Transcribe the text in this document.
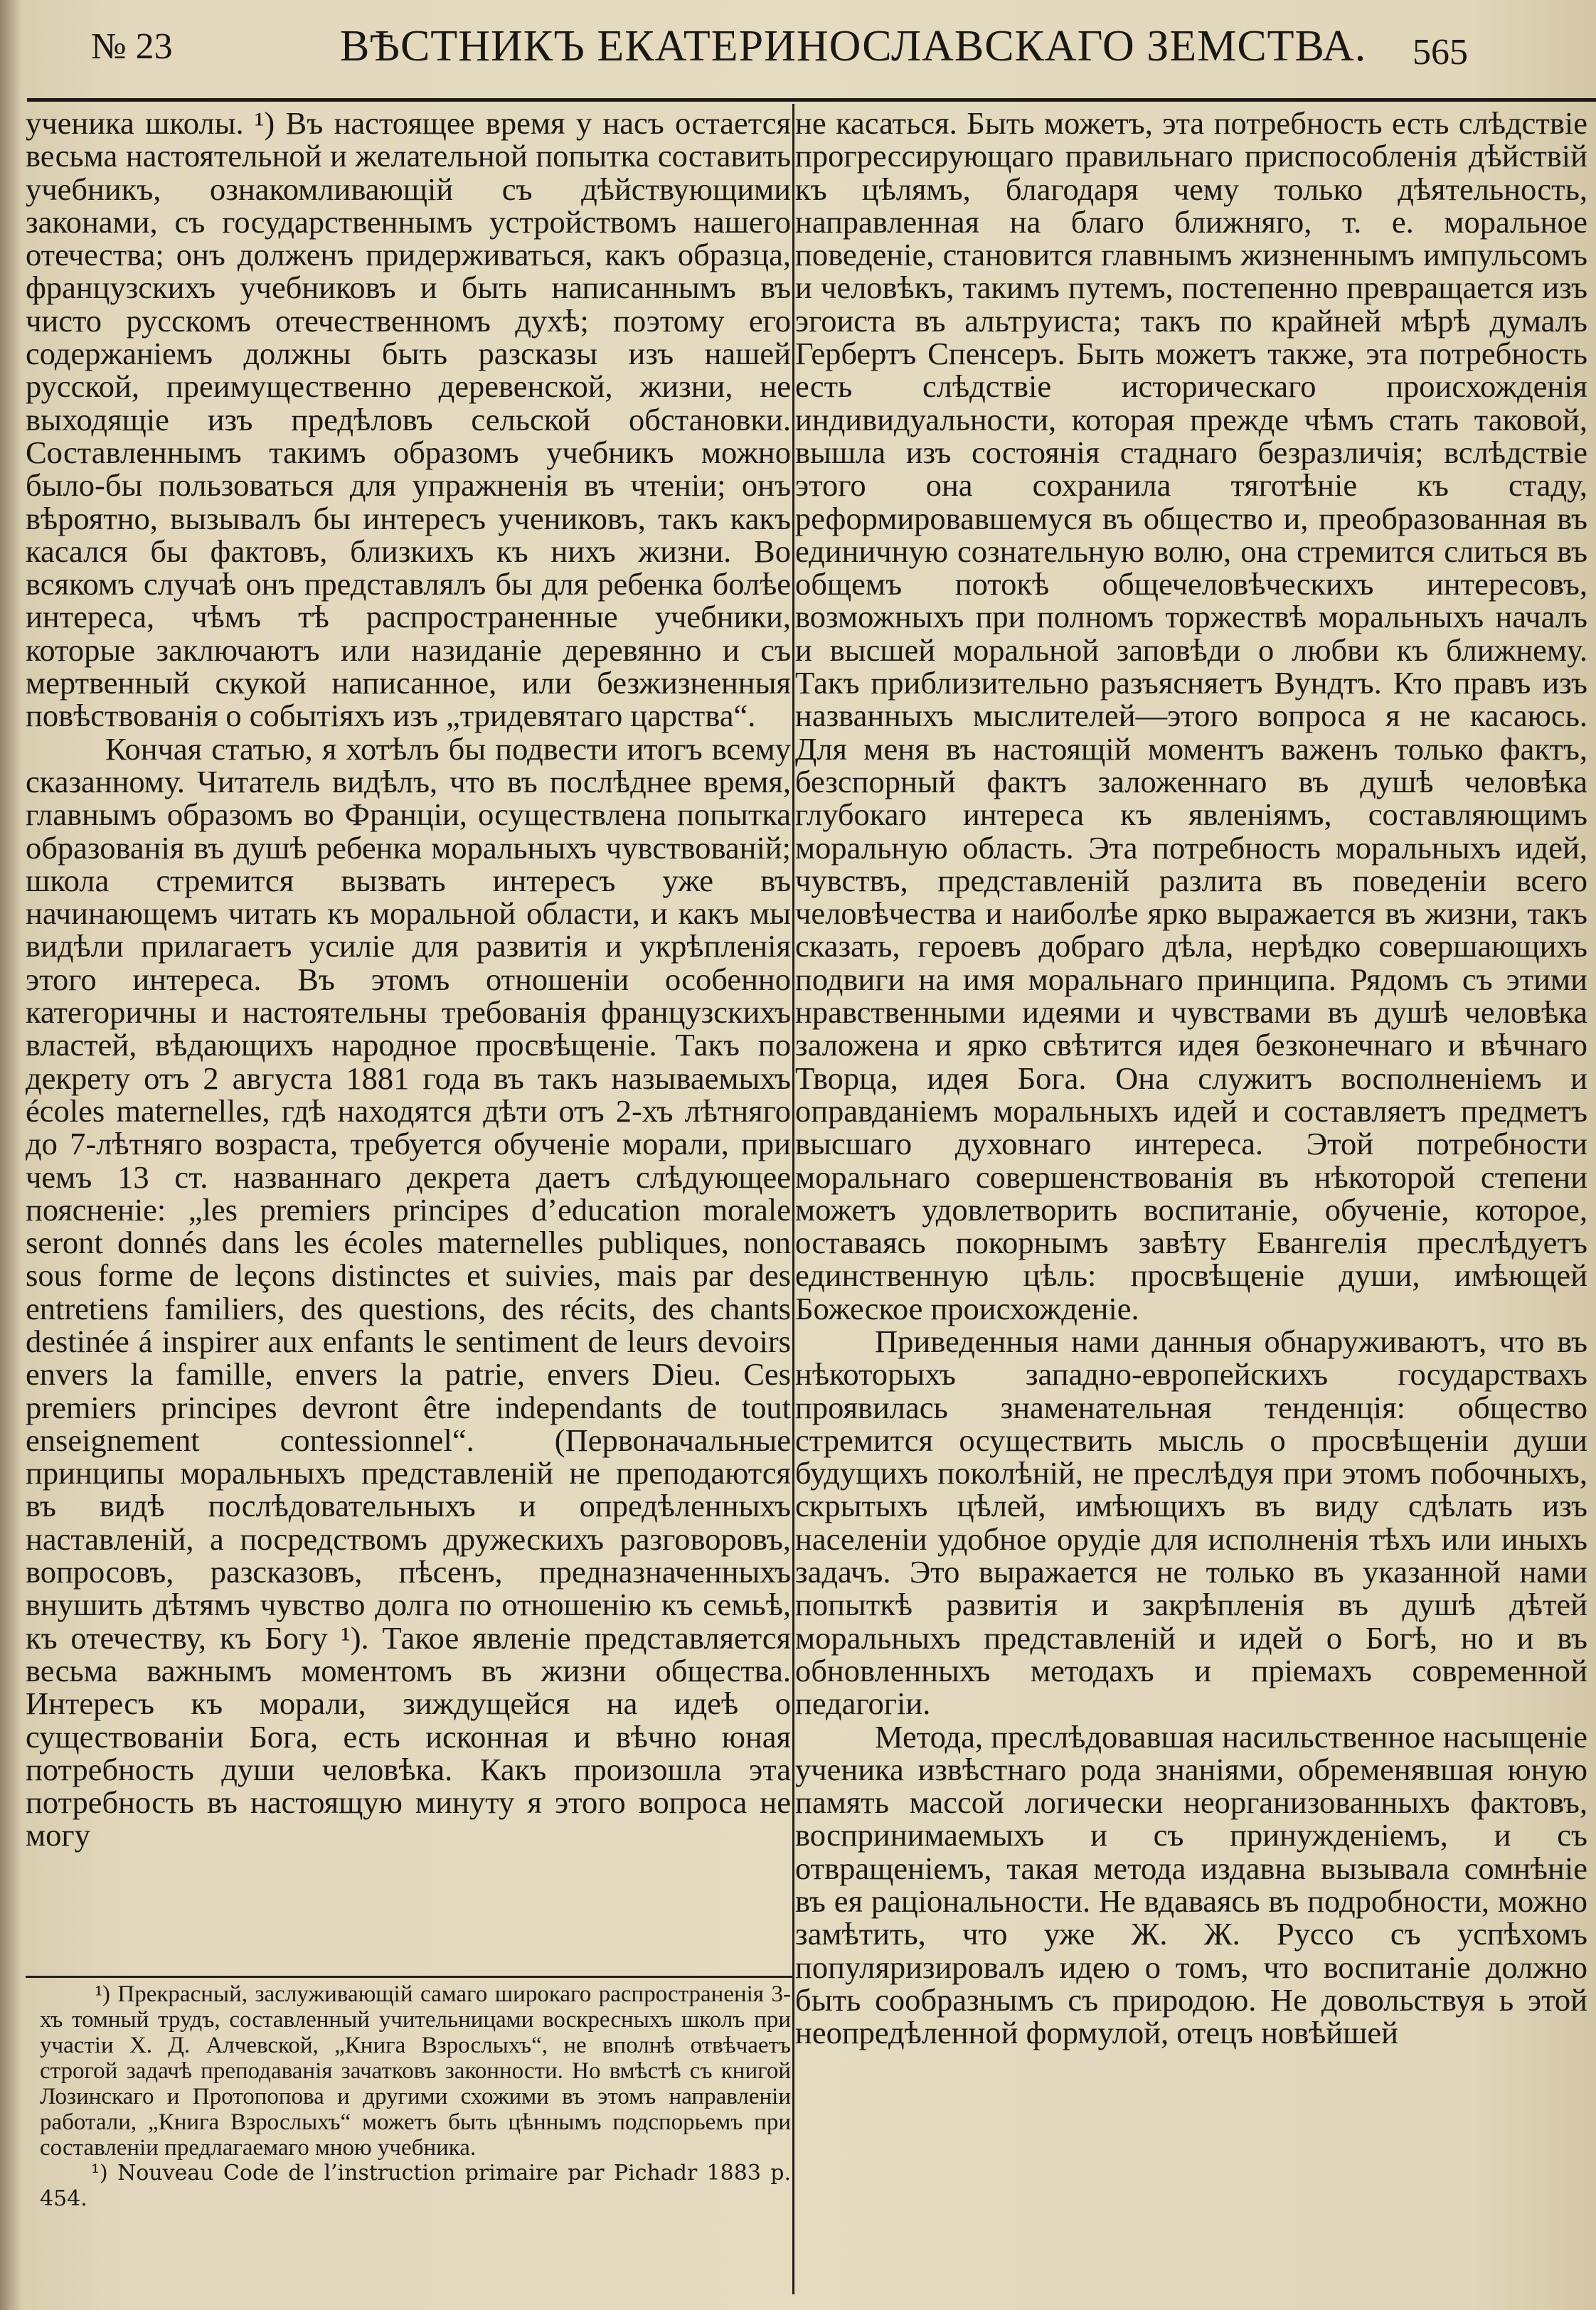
№ 23	ВѢСТНИКЪ ЕКАТЕРИНОСЛАВСКАГО ЗЕМСТВА. 565

ученика школы. ¹) Въ настоящее время у насъ остается весьма настоятельной и желательной попытка составить учебникъ, ознакомливающій съ дѣйствующими законами, съ государственнымъ устройствомъ нашего отечества; онъ долженъ придерживаться, какъ образца, французскихъ учебниковъ и быть написаннымъ въ чисто русскомъ отечественномъ духѣ; поэтому его содержаніемъ должны быть разсказы изъ нашей русской, преимущественно деревенской, жизни, не выходящіе изъ предѣловъ сельской обстановки. Составленнымъ такимъ образомъ учебникъ можно было-бы пользоваться для упражненія въ чтеніи; онъ вѣроятно, вызывалъ бы интересъ учениковъ, такъ какъ касался бы фактовъ, близкихъ къ нихъ жизни. Во всякомъ случаѣ онъ представлялъ бы для ребенка болѣе интереса, чѣмъ тѣ распространенные учебники, которые заключаютъ или назиданіе деревянно и съ мертвенный скукой написанное, или безжизненныя повѣствованія о событіяхъ изъ „тридевятаго царства“.

Кончая статью, я хотѣлъ бы подвести итогъ всему сказанному. Читатель видѣлъ, что въ послѣднее время, главнымъ образомъ во Франціи, осуществлена попытка образованія въ душѣ ребенка моральныхъ чувствованій; школа стремится вызвать интересъ уже въ начинающемъ читать къ моральной области, и какъ мы видѣли прилагаетъ усиліе для развитія и укрѣпленія этого интереса. Въ этомъ отношеніи особенно категоричны и настоятельны требованія французскихъ властей, вѣдающихъ народное просвѣщеніе. Такъ по декрету отъ 2 августа 1881 года въ такъ называемыхъ écoles maternelles, гдѣ находятся дѣти отъ 2-хъ лѣтняго до 7-лѣтняго возраста, требуется обученіе морали, при чемъ 13 ст. названнаго декрета даетъ слѣдующее поясненіе: „les premiers principes d’education morale seront donnés dans les écoles maternelles publiques, non sous forme de leçons distinctes et suivies, mais par des entretiens familiers, des questions, des récits, des chants destinée á inspirer aux enfants le sentiment de leurs devoirs envers la famille, envers la patrie, envers Dieu. Ces premiers principes devront être independants de tout enseignement contessionnel“. (Первоначальные принципы моральныхъ представленій не преподаются въ видѣ послѣдовательныхъ и опредѣленныхъ наставленій, а посредствомъ дружескихъ разговоровъ, вопросовъ, разсказовъ, пѣсенъ, предназначенныхъ внушить дѣтямъ чувство долга по отношенію къ семьѣ, къ отечеству, къ Богу ¹). Такое явленіе представляется весьма важнымъ моментомъ въ жизни общества. Интересъ къ морали, зиждущейся на идеѣ о существованіи Бога, есть исконная и вѣчно юная потребность души человѣка. Какъ произошла эта потребность въ настоящую минуту я этого вопроса не могу

¹) Прекрасный, заслуживающій самаго широкаго распространенія 3-хъ томный трудъ, составленный учительницами воскресныхъ школъ при участіи Х. Д. Алчевской, „Книга Взрослыхъ“, не вполнѣ отвѣчаетъ строгой задачѣ преподаванія зачатковъ законности. Но вмѣстѣ съ книгой Лозинскаго и Протопопова и другими схожими въ этомъ направленіи работали, „Книга Взрослыхъ“ можетъ быть цѣннымъ подспорьемъ при составленіи предлагаемаго мною учебника.

¹) Nouveau Code de l’instruction primaire par Pichadr 1883 p. 454.

не касаться. Быть можетъ, эта потребность есть слѣдствіе прогрессирующаго правильнаго приспособленія дѣйствій къ цѣлямъ, благодаря чему только дѣятельность, направленная на благо ближняго, т. е. моральное поведеніе, становится главнымъ жизненнымъ импульсомъ и человѣкъ, такимъ путемъ, постепенно превращается изъ эгоиста въ альтруиста; такъ по крайней мѣрѣ думалъ Гербертъ Спенсеръ. Быть можетъ также, эта потребность есть слѣдствіе историческаго происхожденія индивидуальности, которая прежде чѣмъ стать таковой, вышла изъ состоянія стаднаго безразличія; вслѣдствіе этого она сохранила тяготѣніе къ стаду, реформировавшемуся въ общество и, преобразованная въ единичную сознательную волю, она стремится слиться въ общемъ потокѣ общечеловѣческихъ интересовъ, возможныхъ при полномъ торжествѣ моральныхъ началъ и высшей моральной заповѣди о любви къ ближнему. Такъ приблизительно разъясняетъ Вундтъ. Кто правъ изъ названныхъ мыслителей—этого вопроса я не касаюсь. Для меня въ настоящій моментъ важенъ только фактъ, безспорный фактъ заложеннаго въ душѣ человѣка глубокаго интереса къ явленіямъ, составляющимъ моральную область. Эта потребность моральныхъ идей, чувствъ, представленій разлита въ поведеніи всего человѣчества и наиболѣе ярко выражается въ жизни, такъ сказать, героевъ добраго дѣла, нерѣдко совершающихъ подвиги на имя моральнаго принципа. Рядомъ съ этими нравственными идеями и чувствами въ душѣ человѣка заложена и ярко свѣтится идея безконечнаго и вѣчнаго Творца, идея Бога. Она служитъ восполненіемъ и оправданіемъ моральныхъ идей и составляетъ предметъ высшаго духовнаго интереса. Этой потребности моральнаго совершенствованія въ нѣкоторой степени можетъ удовлетворить воспитаніе, обученіе, которое, оставаясь покорнымъ завѣту Евангелія преслѣдуетъ единственную цѣль: просвѣщеніе души, имѣющей Божеское происхожденіе.

Приведенныя нами данныя обнаруживаютъ, что въ нѣкоторыхъ западно-европейскихъ государствахъ проявилась знаменательная тенденція: общество стремится осуществить мысль о просвѣщеніи души будущихъ поколѣній, не преслѣдуя при этомъ побочныхъ, скрытыхъ цѣлей, имѣющихъ въ виду сдѣлать изъ населеніи удобное орудіе для исполненія тѣхъ или иныхъ задачъ. Это выражается не только въ указанной нами попыткѣ развитія и закрѣпленія въ душѣ дѣтей моральныхъ представленій и идей о Богѣ, но и въ обновленныхъ методахъ и пріемахъ современной педагогіи.

Метода, преслѣдовавшая насильственное насыщеніе ученика извѣстнаго рода знаніями, обременявшая юную память массой логически неорганизованныхъ фактовъ, воспринимаемыхъ и съ принужденіемъ, и съ отвращеніемъ, такая метода издавна вызывала сомнѣніе въ ея раціональности. Не вдаваясь въ подробности, можно замѣтить, что уже Ж. Ж. Руссо съ успѣхомъ популяризировалъ идею о томъ, что воспитаніе должно быть сообразнымъ съ природою. Не довольствуя ь этой неопредѣленной формулой, отецъ новѣйшей
